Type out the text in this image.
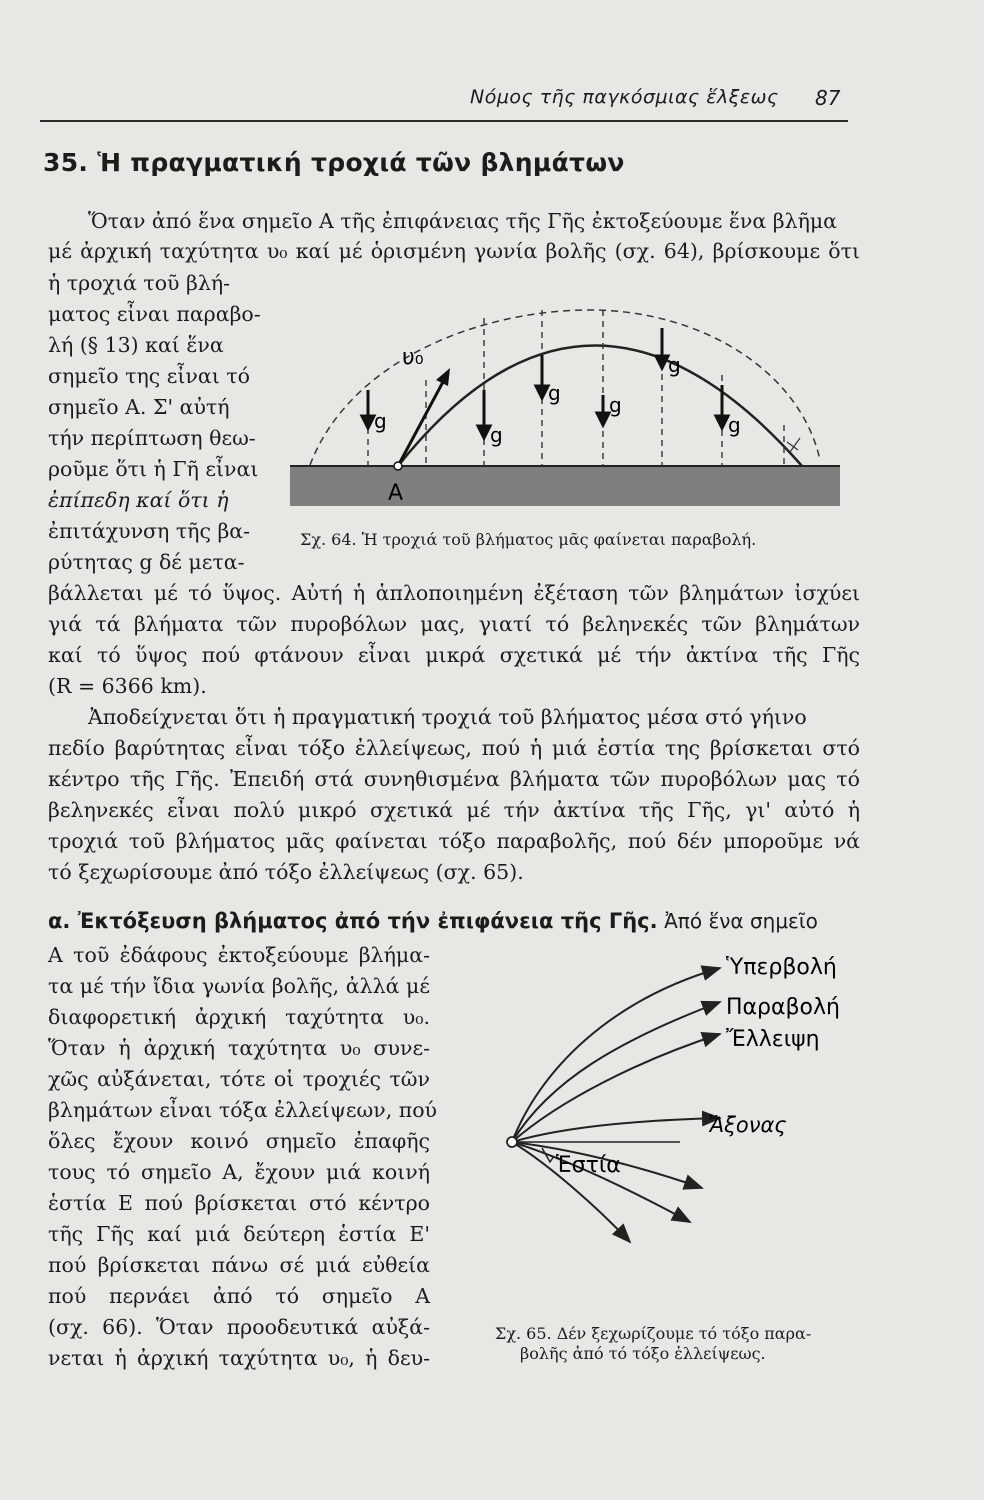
Νόμος τῆς παγκόσμιας ἕλξεως 87
35. Ἡ πραγματική τροχιά τῶν βλημάτων
Ὅταν ἀπό ἕνα σημεῖο Α τῆς ἐπιφάνειας τῆς Γῆς ἐκτοξεύουμε ἕνα βλῆμα
μέ ἀρχική ταχύτητα υ₀ καί μέ ὁρισμένη γωνία βολῆς (σχ. 64), βρίσκουμε ὅτι
ἡ τροχιά τοῦ βλή-
ματος εἶναι παραβο-
λή (§ 13) καί ἕνα
σημεῖο της εἶναι τό
σημεῖο Α. Σ' αὐτή
τήν περίπτωση θεω-
ροῦμε ὅτι ἡ Γῆ εἶναι
ἐπίπεδη καί ὅτι ἡ
ἐπιτάχυνση τῆς βα-
ρύτητας g δέ μετα-
βάλλεται μέ τό ὕψος. Αὐτή ἡ ἁπλοποιημένη ἐξέταση τῶν βλημάτων ἰσχύει
γιά τά βλήματα τῶν πυροβόλων μας, γιατί τό βεληνεκές τῶν βλημάτων
καί τό ὕψος πού φτάνουν εἶναι μικρά σχετικά μέ τήν ἀκτίνα τῆς Γῆς
(R = 6366 km).
υ₀
Α
g
g
g g
g
g
Σχ. 64. Ἡ τροχιά τοῦ βλήματος μᾶς φαίνεται παραβολή.
Ἀποδείχνεται ὅτι ἡ πραγματική τροχιά τοῦ βλήματος μέσα στό γήινο
πεδίο βαρύτητας εἶναι τόξο ἐλλείψεως, πού ἡ μιά ἑστία της βρίσκεται στό
κέντρο τῆς Γῆς. Ἐπειδή στά συνηθισμένα βλήματα τῶν πυροβόλων μας τό
βεληνεκές εἶναι πολύ μικρό σχετικά μέ τήν ἀκτίνα τῆς Γῆς, γι' αὐτό ἡ
τροχιά τοῦ βλήματος μᾶς φαίνεται τόξο παραβολῆς, πού δέν μποροῦμε νά
τό ξεχωρίσουμε ἀπό τόξο ἐλλείψεως (σχ. 65).
α. Ἐκτόξευση βλήματος ἀπό τήν ἐπιφάνεια τῆς Γῆς. Ἀπό ἕνα σημεῖο
Α τοῦ ἐδάφους ἐκτοξεύουμε βλήμα-
τα μέ τήν ἴδια γωνία βολῆς, ἀλλά μέ
διαφορετική ἀρχική ταχύτητα υ₀.
Ὅταν ἡ ἀρχική ταχύτητα υ₀ συνε-
χῶς αὐξάνεται, τότε οἱ τροχιές τῶν
βλημάτων εἶναι τόξα ἐλλείψεων, πού
ὅλες ἔχουν κοινό σημεῖο ἐπαφῆς
τους τό σημεῖο Α, ἔχουν μιά κοινή
ἑστία Ε πού βρίσκεται στό κέντρο
τῆς Γῆς καί μιά δεύτερη ἑστία Ε'
πού βρίσκεται πάνω σέ μιά εὐθεία
πού περνάει ἀπό τό σημεῖο Α
(σχ. 66). Ὅταν προοδευτικά αὐξά-
νεται ἡ ἀρχική ταχύτητα υ₀, ἡ δευ-
Ὑπερβολή
Παραβολή
Ἔλλειψη
Ἄξονας
Ἑστία
Σχ. 65. Δέν ξεχωρίζουμε τό τόξο παρα-
βολῆς ἀπό τό τόξο ἐλλείψεως.
